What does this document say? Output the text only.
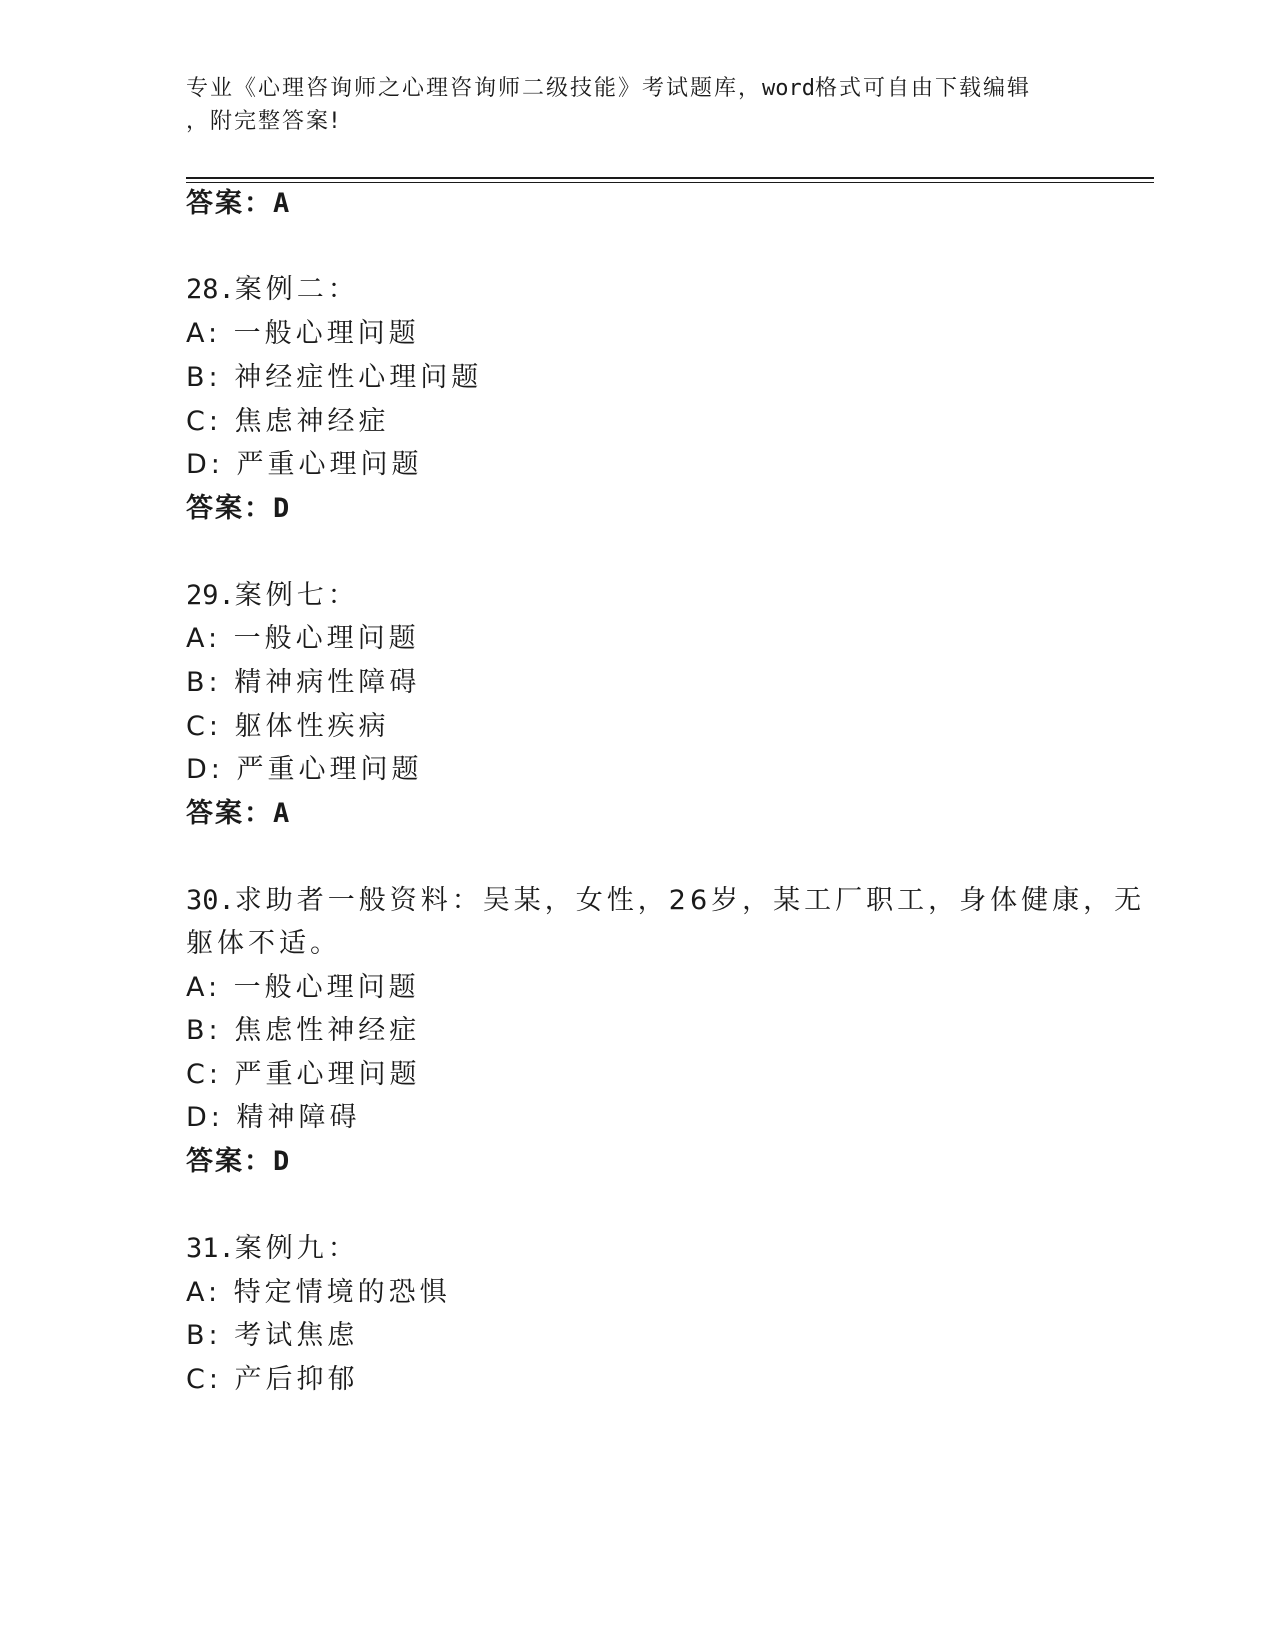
专业《心理咨询师之心理咨询师二级技能》考试题库，word格式可自由下载编辑
，附完整答案!
答案：A
28.案例二：
A: 一般心理问题
B: 神经症性心理问题
C: 焦虑神经症
D: 严重心理问题
答案：D
29.案例七：
A: 一般心理问题
B: 精神病性障碍
C: 躯体性疾病
D: 严重心理问题
答案：A
30.求助者一般资料：吴某，女性，26岁，某工厂职工，身体健康，无
躯体不适。
A: 一般心理问题
B: 焦虑性神经症
C: 严重心理问题
D: 精神障碍
答案：D
31.案例九：
A: 特定情境的恐惧
B: 考试焦虑
C: 产后抑郁
